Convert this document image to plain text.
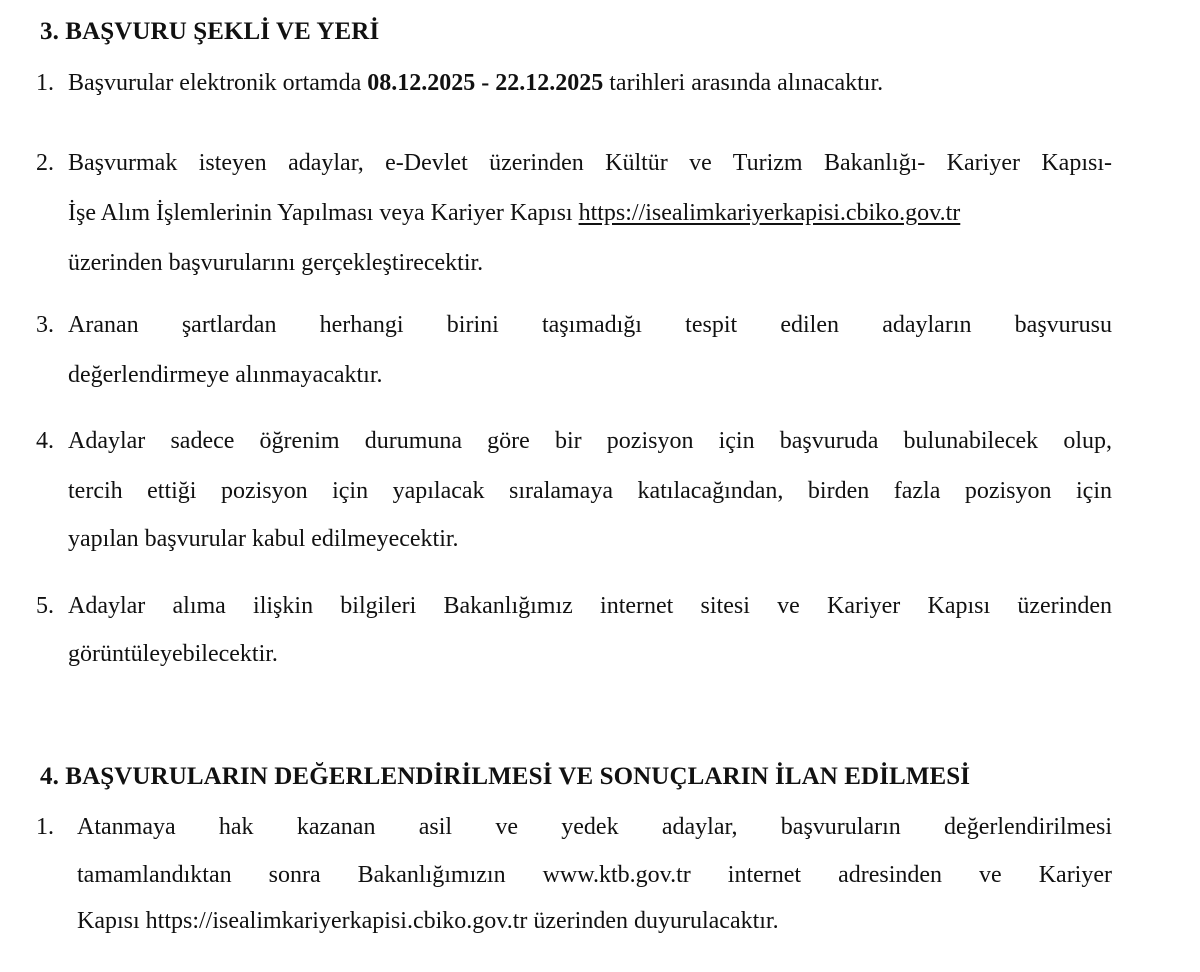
3. BAŞVURU ŞEKLİ VE YERİ
1. Başvurular elektronik ortamda 08.12.2025 - 22.12.2025 tarihleri arasında alınacaktır.
2. Başvurmak isteyen adaylar, e-Devlet üzerinden Kültür ve Turizm Bakanlığı- Kariyer Kapısı-
İşe Alım İşlemlerinin Yapılması veya Kariyer Kapısı https://isealimkariyerkapisi.cbiko.gov.tr
üzerinden başvurularını gerçekleştirecektir.
3. Aranan şartlardan herhangi birini taşımadığı tespit edilen adayların başvurusu
değerlendirmeye alınmayacaktır.
4. Adaylar sadece öğrenim durumuna göre bir pozisyon için başvuruda bulunabilecek olup,
tercih ettiği pozisyon için yapılacak sıralamaya katılacağından, birden fazla pozisyon için
yapılan başvurular kabul edilmeyecektir.
5. Adaylar alıma ilişkin bilgileri Bakanlığımız internet sitesi ve Kariyer Kapısı üzerinden
görüntüleyebilecektir.
4. BAŞVURULARIN DEĞERLENDİRİLMESİ VE SONUÇLARIN İLAN EDİLMESİ
1. Atanmaya hak kazanan asil ve yedek adaylar, başvuruların değerlendirilmesi
tamamlandıktan sonra Bakanlığımızın www.ktb.gov.tr internet adresinden ve Kariyer
Kapısı https://isealimkariyerkapisi.cbiko.gov.tr üzerinden duyurulacaktır.
